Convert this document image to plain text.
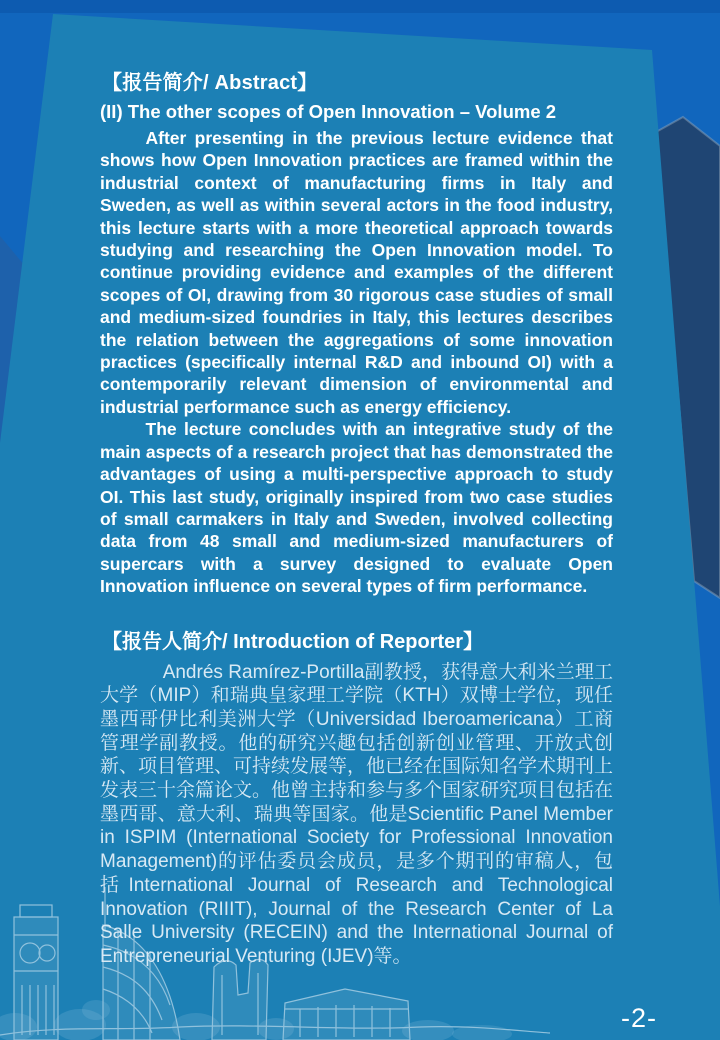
【报告简介/ Abstract】
(II) The other scopes of Open Innovation – Volume 2

After presenting in the previous lecture evidence that shows how Open Innovation practices are framed within the industrial context of manufacturing firms in Italy and Sweden, as well as within several actors in the food industry, this lecture starts with a more theoretical approach towards studying and researching the Open Innovation model. To continue providing evidence and examples of the different scopes of OI, drawing from 30 rigorous case studies of small and medium-sized foundries in Italy, this lectures describes the relation between the aggregations of some innovation practices (specifically internal R&D and inbound OI) with a contemporarily relevant dimension of environmental and industrial performance such as energy efficiency.

The lecture concludes with an integrative study of the main aspects of a research project that has demonstrated the advantages of using a multi-perspective approach to study OI. This last study, originally inspired from two case studies of small carmakers in Italy and Sweden, involved collecting data from 48 small and medium-sized manufacturers of supercars with a survey designed to evaluate Open Innovation influence on several types of firm performance.

【报告人简介/ Introduction of Reporter】

Andrés Ramírez-Portilla副教授，获得意大利米兰理工大学（MIP）和瑞典皇家理工学院（KTH）双博士学位，现任墨西哥伊比利美洲大学（Universidad Iberoamericana）工商管理学副教授。他的研究兴趣包括创新创业管理、开放式创新、项目管理、可持续发展等，他已经在国际知名学术期刊上发表三十余篇论文。他曾主持和参与多个国家研究项目包括在墨西哥、意大利、瑞典等国家。他是Scientific Panel Member in ISPIM (International Society for Professional Innovation Management)的评估委员会成员，是多个期刊的审稿人，包括International Journal of Research and Technological Innovation (RIIIT), Journal of the Research Center of La Salle University (RECEIN) and the International Journal of Entrepreneurial Venturing (IJEV)等。

-2-
